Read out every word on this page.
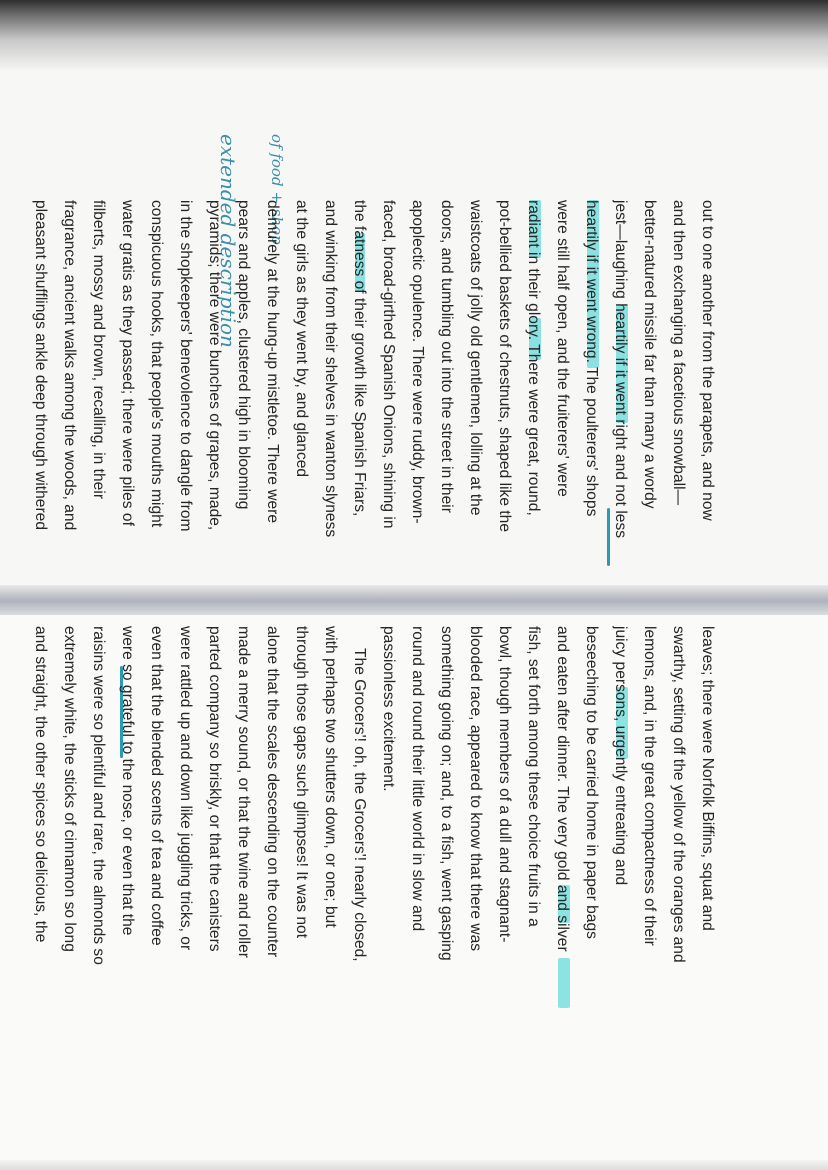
extended description of food + shop
out to one another from the parapets, and now
and then exchanging a facetious snowball—
better-natured missile far than many a wordy
jest—laughing heartily if it went right and not less
heartily if it went wrong. The poulterers' shops
were still half open, and the fruiterers' were
radiant in their glory. There were great, round,
pot-bellied baskets of chestnuts, shaped like the
waistcoats of jolly old gentlemen, lolling at the
doors, and tumbling out into the street in their
apoplectic opulence. There were ruddy, brown-
faced, broad-girthed Spanish Onions, shining in
the fatness of their growth like Spanish Friars,
and winking from their shelves in wanton slyness
at the girls as they went by, and glanced
demurely at the hung-up mistletoe. There were
pears and apples, clustered high in blooming
pyramids; there were bunches of grapes, made,
in the shopkeepers' benevolence to dangle from
conspicuous hooks, that people's mouths might
water gratis as they passed; there were piles of
filberts, mossy and brown, recalling, in their
fragrance, ancient walks among the woods, and
pleasant shufflings ankle deep through withered
leaves; there were Norfolk Biffins, squat and
swarthy, setting off the yellow of the oranges and
lemons, and, in the great compactness of their
juicy persons, urgently entreating and
beseeching to be carried home in paper bags
and eaten after dinner. The very gold and silver
fish, set forth among these choice fruits in a
bowl, though members of a dull and stagnant-
blooded race, appeared to know that there was
something going on; and, to a fish, went gasping
round and round their little world in slow and
passionless excitement.
The Grocers'! oh, the Grocers'! nearly closed,
with perhaps two shutters down, or one; but
through those gaps such glimpses! It was not
alone that the scales descending on the counter
made a merry sound, or that the twine and roller
parted company so briskly, or that the canisters
were rattled up and down like juggling tricks, or
even that the blended scents of tea and coffee
were so grateful to the nose, or even that the
raisins were so plentiful and rare, the almonds so
extremely white, the sticks of cinnamon so long
and straight, the other spices so delicious, the
